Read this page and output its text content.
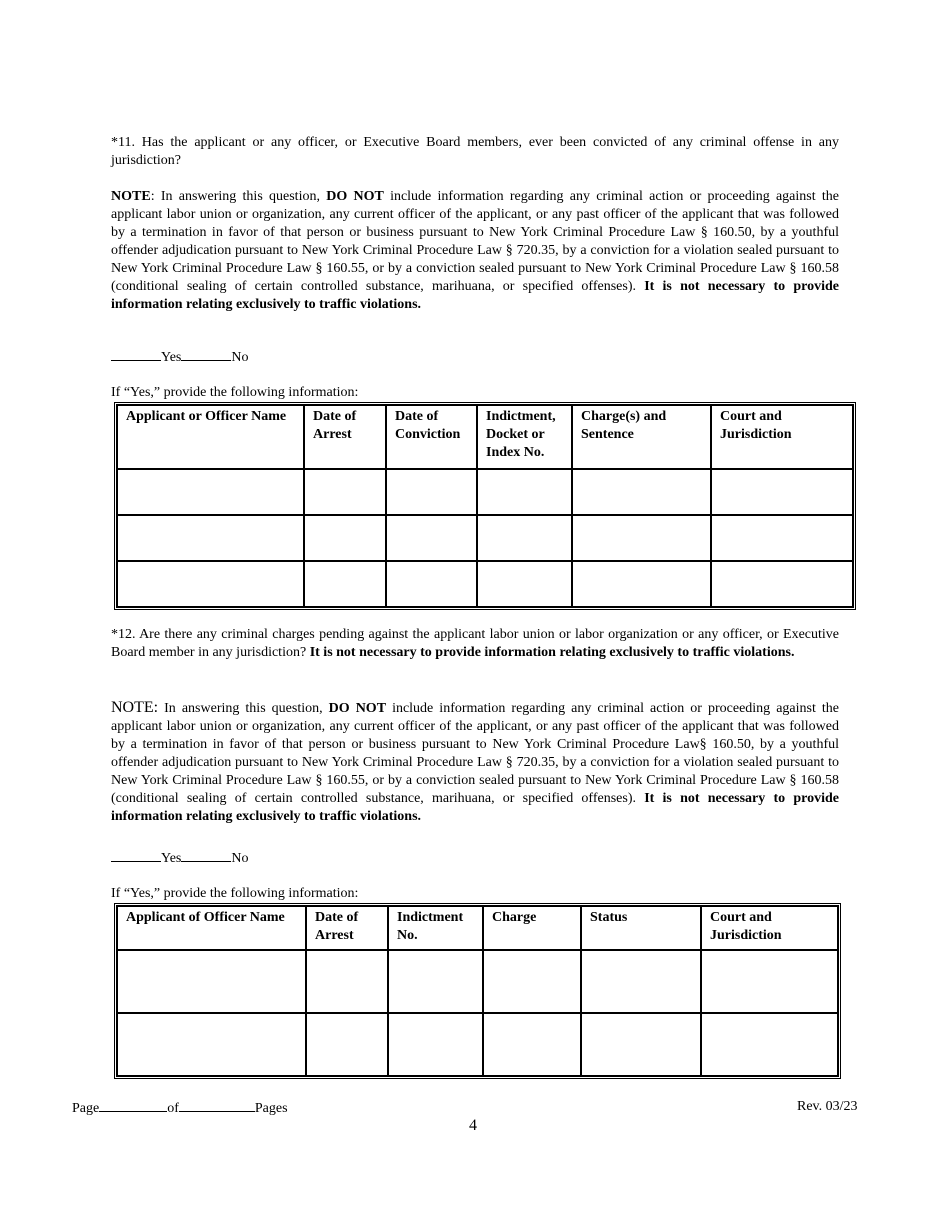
*11. Has the applicant or any officer, or Executive Board members, ever been convicted of any criminal offense in any jurisdiction?
NOTE: In answering this question, DO NOT include information regarding any criminal action or proceeding against the applicant labor union or organization, any current officer of the applicant, or any past officer of the applicant that was followed by a termination in favor of that person or business pursuant to New York Criminal Procedure Law § 160.50, by a youthful offender adjudication pursuant to New York Criminal Procedure Law § 720.35, by a conviction for a violation sealed pursuant to New York Criminal Procedure Law § 160.55, or by a conviction sealed pursuant to New York Criminal Procedure Law § 160.58 (conditional sealing of certain controlled substance, marihuana, or specified offenses). It is not necessary to provide information relating exclusively to traffic violations.
Yes	No
If “Yes,” provide the following information:
Applicant or Officer Name	Date of Arrest	Date of Conviction	Indictment, Docket or Index No.	Charge(s) and Sentence	Court and Jurisdiction

*12. Are there any criminal charges pending against the applicant labor union or labor organization or any officer, or Executive Board member in any jurisdiction? It is not necessary to provide information relating exclusively to traffic violations.
NOTE: In answering this question, DO NOT include information regarding any criminal action or proceeding against the applicant labor union or organization, any current officer of the applicant, or any past officer of the applicant that was followed by a termination in favor of that person or business pursuant to New York Criminal Procedure Law§ 160.50, by a youthful offender adjudication pursuant to New York Criminal Procedure Law § 720.35, by a conviction for a violation sealed pursuant to New York Criminal Procedure Law § 160.55, or by a conviction sealed pursuant to New York Criminal Procedure Law § 160.58 (conditional sealing of certain controlled substance, marihuana, or specified offenses). It is not necessary to provide information relating exclusively to traffic violations.
Yes	No
If “Yes,” provide the following information:
Applicant of Officer Name	Date of Arrest	Indictment No.	Charge	Status	Court and Jurisdiction

Page	of	Pages	Rev. 03/23
4
